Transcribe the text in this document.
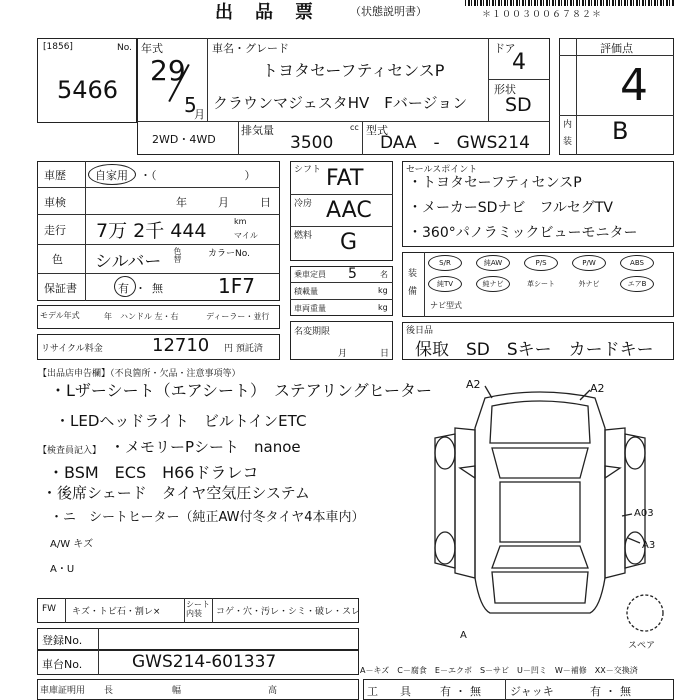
出　品　票	（状態説明書）	＊１００３００６７８２＊
[1856]	No.
5466
年式
29
5
月
車名・グレード
トヨタセーフティセンスP
クラウンマジェスタHV　Fバージョン
ドア
4
形状
SD
2WD・4WD
排気量	cc
3500
型式
DAA　-　GWS214
評価点
4
内
装 B
車歴	自家用 ・（　　　　　　　　）
車検	年	月	日
走行 7万 2千 444	km
マイル
色 シルバー 色替	カラーNo.
保証書	有・無 1F7
モデル年式	年 ハンドル 左・右	ディーラー・並行
リサイクル料金	12710 円 預託済
シフト FAT
冷房 AAC
燃料 G
乗車定員 5	名
積載量	kg
車両重量	kg
名変期限
月	日
セールスポイント
・トヨタセーフティセンスP
・メーカーSDナビ　フルセグTV
・360°パノラミックビューモニター
装
備
S/R	純AW	P/S	P/W	ABS
純TV	純ナビ	革シート	外ナビ	エアB
ナビ型式
後日品
保取　SD　Sキー　カードキー
【出品店申告欄】（不良箇所・欠品・注意事項等）
・Lザーシート（エアシート）　ステアリングヒーター
・LEDヘッドライト　ビルトインETC
【検査員記入】 ・メモリーPシート　nanoe
・BSM　ECS　H66ドラレコ
・後席シェード　タイヤ空気圧システム
・ニ　シートヒーター（純正AW付冬タイヤ4本車内）
A/W キズ
A・U
A2	A2
A03
A3
A
スペア
FW キズ・トビ石・割レ×
シート内装	コゲ・穴・汚レ・シミ・破レ・スレ
登録No.
車台No.	GWS214-601337	A－キズ　C－腐食　E－エクボ　S－サビ　U－凹ミ　W－補修　XX－交換済
車庫証明用 長	幅	高	工　　具	有・無 ジャッキ	有・無
